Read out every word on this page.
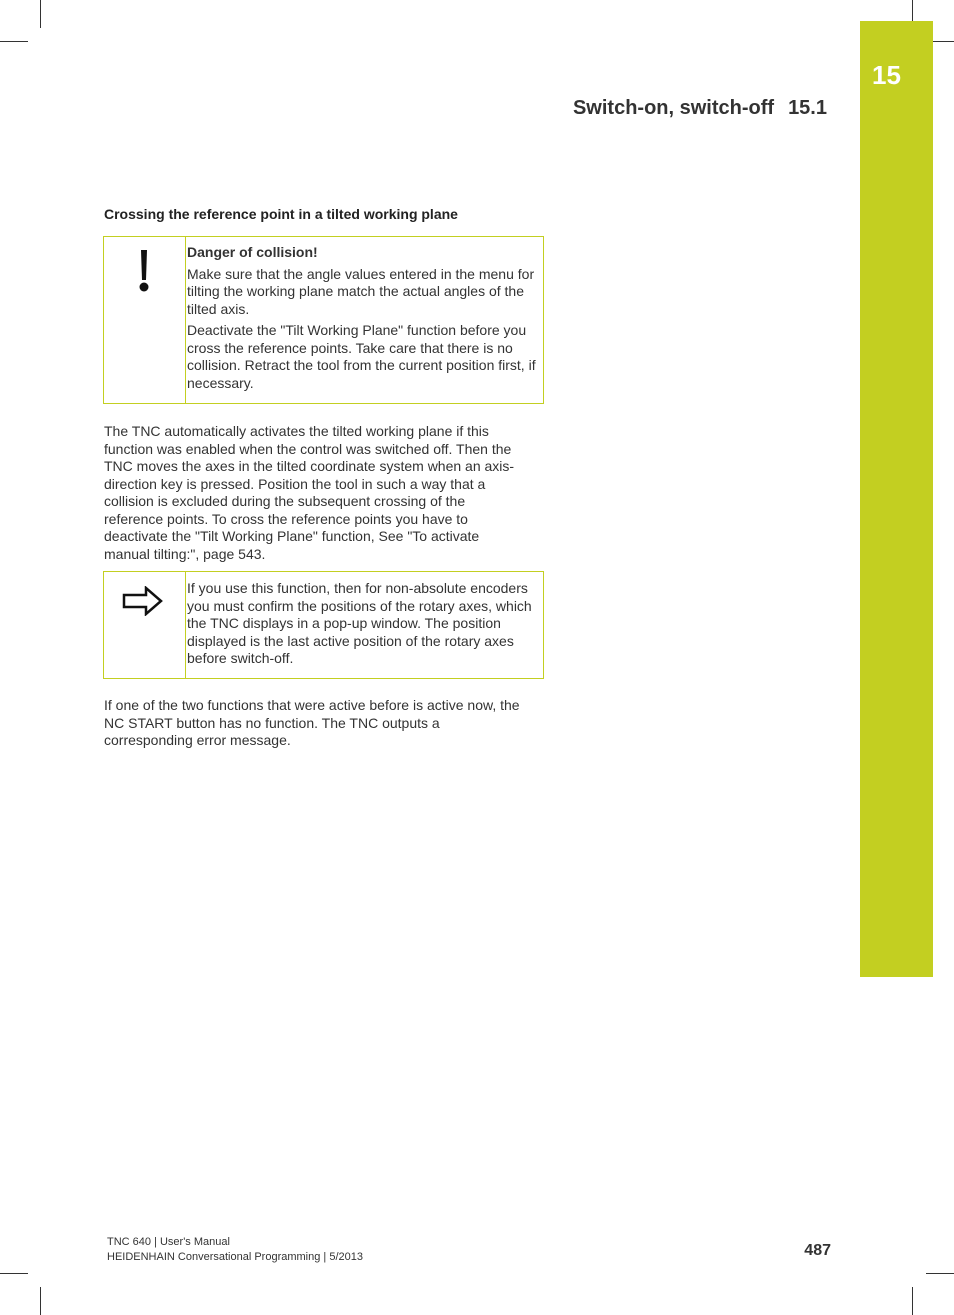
15
Switch-on, switch-off 15.1
Crossing the reference point in a tilted working plane

Danger of collision!

Make sure that the angle values entered in the menu for tilting the working plane match the actual angles of the tilted axis.

Deactivate the "Tilt Working Plane" function before you cross the reference points. Take care that there is no collision. Retract the tool from the current position first, if necessary.

The TNC automatically activates the tilted working plane if this function was enabled when the control was switched off. Then the TNC moves the axes in the tilted coordinate system when an axis-direction key is pressed. Position the tool in such a way that a collision is excluded during the subsequent crossing of the reference points. To cross the reference points you have to deactivate the "Tilt Working Plane" function, See "To activate manual tilting:", page 543.

If you use this function, then for non-absolute encoders you must confirm the positions of the rotary axes, which the TNC displays in a pop-up window. The position displayed is the last active position of the rotary axes before switch-off.

If one of the two functions that were active before is active now, the NC START button has no function. The TNC outputs a corresponding error message.

TNC 640 | User's Manual
HEIDENHAIN Conversational Programming | 5/2013	487
